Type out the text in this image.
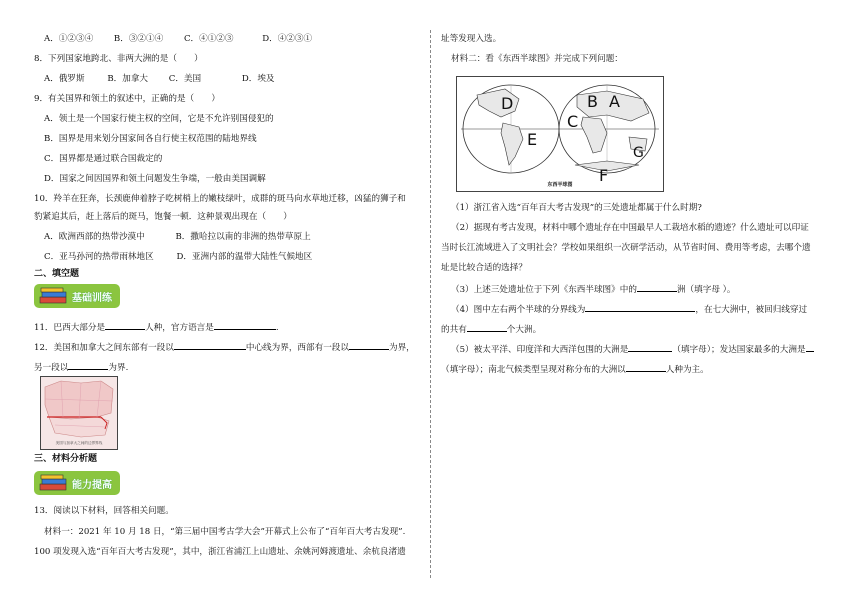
A．①②③④ B．③②①④ C．④①②③	D．④②③①
8．下列国家地跨北、非两大洲的是（　　）
A．俄罗斯	B．加拿大 C．美国	D．埃及
9．有关国界和领土的叙述中，正确的是（　　）
A．领土是一个国家行使主权的空间，它是不允许别国侵犯的
B．国界是用来划分国家间各自行使主权范围的陆地界线
C．国界都是通过联合国裁定的
D．国家之间因国界和领土问题发生争端，一般由美国调解
10．羚羊在狂奔，长颈鹿伸着脖子吃树梢上的嫩枝绿叶，成群的斑马向水草地迁移，凶猛的狮子和
豹紧追其后，赶上落后的斑马，饱餐一顿．这种景观出现在（　　）
A．欧洲西部的热带沙漠中	B．撒哈拉以南的非洲的热带草原上
C．亚马孙河的热带雨林地区	D．亚洲内部的温带大陆性气候地区
二、填空题
基础训练
11．巴西大部分是	人种，官方语言是	.
12．美国和加拿大之间东部有一段以	中心线为界，西部有一段以	为界，
另一段以	为界.
美国与加拿大之间的边界界线
三、材料分析题
能力提高
13．阅读以下材料，回答相关问题。
材料一：2021 年 10 月 18 日，“第三届中国考古学大会”开幕式上公布了“百年百大考古发现”.
100 项发现入选“百年百大考古发现”，其中，浙江省浦江上山遗址、余姚河姆渡遗址、余杭良渚遗
址等发现入选。
材料二：看《东西半球图》并完成下列问题：
D	B A
C
E
G
F
东西半球图
（1）浙江省入选“百年百大考古发现”的三处遗址都属于什么时期?
（2）据现有考古发现，材料中哪个遗址存在中国最早人工栽培水稻的遗迹？什么遗址可以印证
当时长江流域进入了文明社会？学校如果组织一次研学活动，从节省时间、费用等考虑，去哪个遗
址是比较合适的选择？
（3）上述三处遗址位于下列《东西半球图》中的	洲（填字母 ）。
（4）图中左右两个半球的分界线为	，在七大洲中，被回归线穿过
的共有	个大洲。
（5）被太平洋、印度洋和大西洋包围的大洲是	（填字母）；发达国家最多的大洲是
（填字母）；南北气候类型呈现对称分布的大洲以	人种为主。
